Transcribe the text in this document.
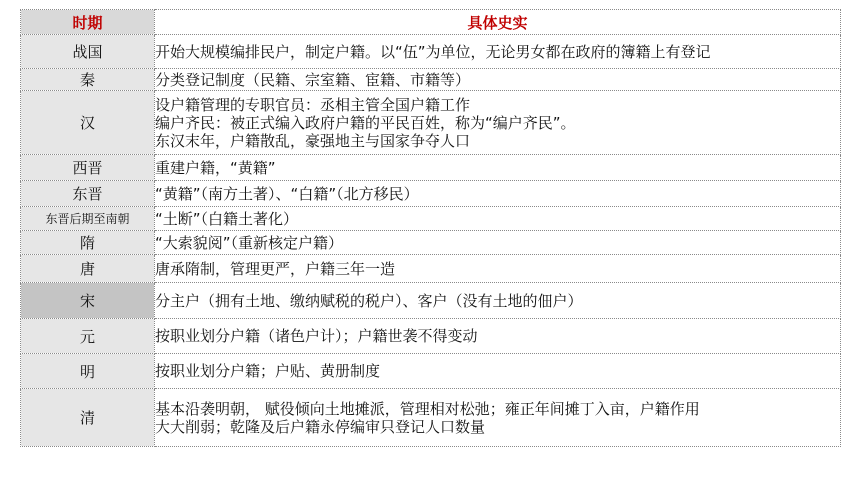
时期	具体史实
战国	开始大规模编排民户，制定户籍。以“伍”为单位，无论男女都在政府的簿籍上有登记

秦	分类登记制度（民籍、宗室籍、宦籍、市籍等）

汉	设户籍管理的专职官员：丞相主管全国户籍工作
编户齐民：被正式编入政府户籍的平民百姓，称为“编户齐民”。
东汉末年，户籍散乱，豪强地主与国家争夺人口

西晋	重建户籍，“黄籍”

东晋	“黄籍”（南方土著）、“白籍”（北方移民）

东晋后期至南朝	“土断”（白籍土著化）

隋	“大索貌阅”（重新核定户籍）

唐	唐承隋制，管理更严，户籍三年一造

宋	分主户（拥有土地、缴纳赋税的税户）、客户（没有土地的佃户）

元	按职业划分户籍（诸色户计）；户籍世袭不得变动

明	按职业划分户籍；户贴、黄册制度

清	基本沿袭明朝， 赋役倾向土地摊派，管理相对松弛；雍正年间摊丁入亩，户籍作用
大大削弱；乾隆及后户籍永停编审只登记人口数量
